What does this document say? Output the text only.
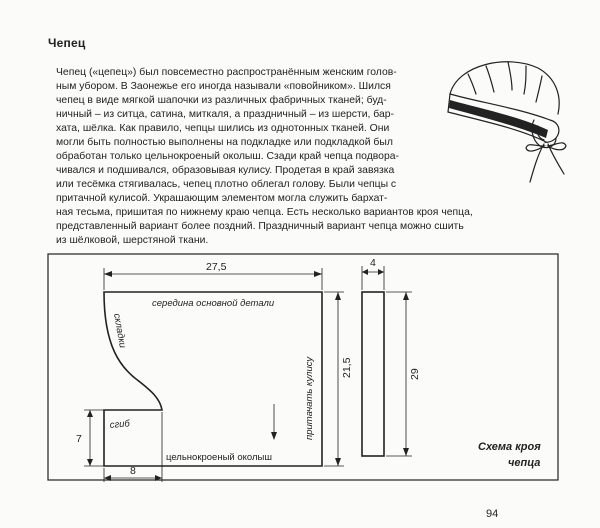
Чепец

Чепец («цепец») был повсеместно распространённым женским голов-
ным убором. В Заонежье его иногда называли «повойником». Шился
чепец в виде мягкой шапочки из различных фабричных тканей; буд-
ничный – из ситца, сатина, миткаля, а праздничный – из шерсти, бар-
хата, шёлка. Как правило, чепцы шились из однотонных тканей. Они
могли быть полностью выполнены на подкладке или подкладкой был
обработан только цельнокроеный околыш. Сзади край чепца подвора-
чивался и подшивался, образовывая кулису. Продетая в край завязка
или тесёмка стягивалась, чепец плотно облегал голову. Были чепцы с
притачной кулисой. Украшающим элементом могла служить бархат-
ная тесьма, пришитая по нижнему краю чепца. Есть несколько вариантов кроя чепца,
представленный вариант более поздний. Праздничный вариант чепца можно сшить
из шёлковой, шерстяной ткани.

27,5	4
21,5	29
8
7
середина основной детали
складки
сгиб	притачать кулису
цельнокроеный околыш
Схема кроя
чепца
94
